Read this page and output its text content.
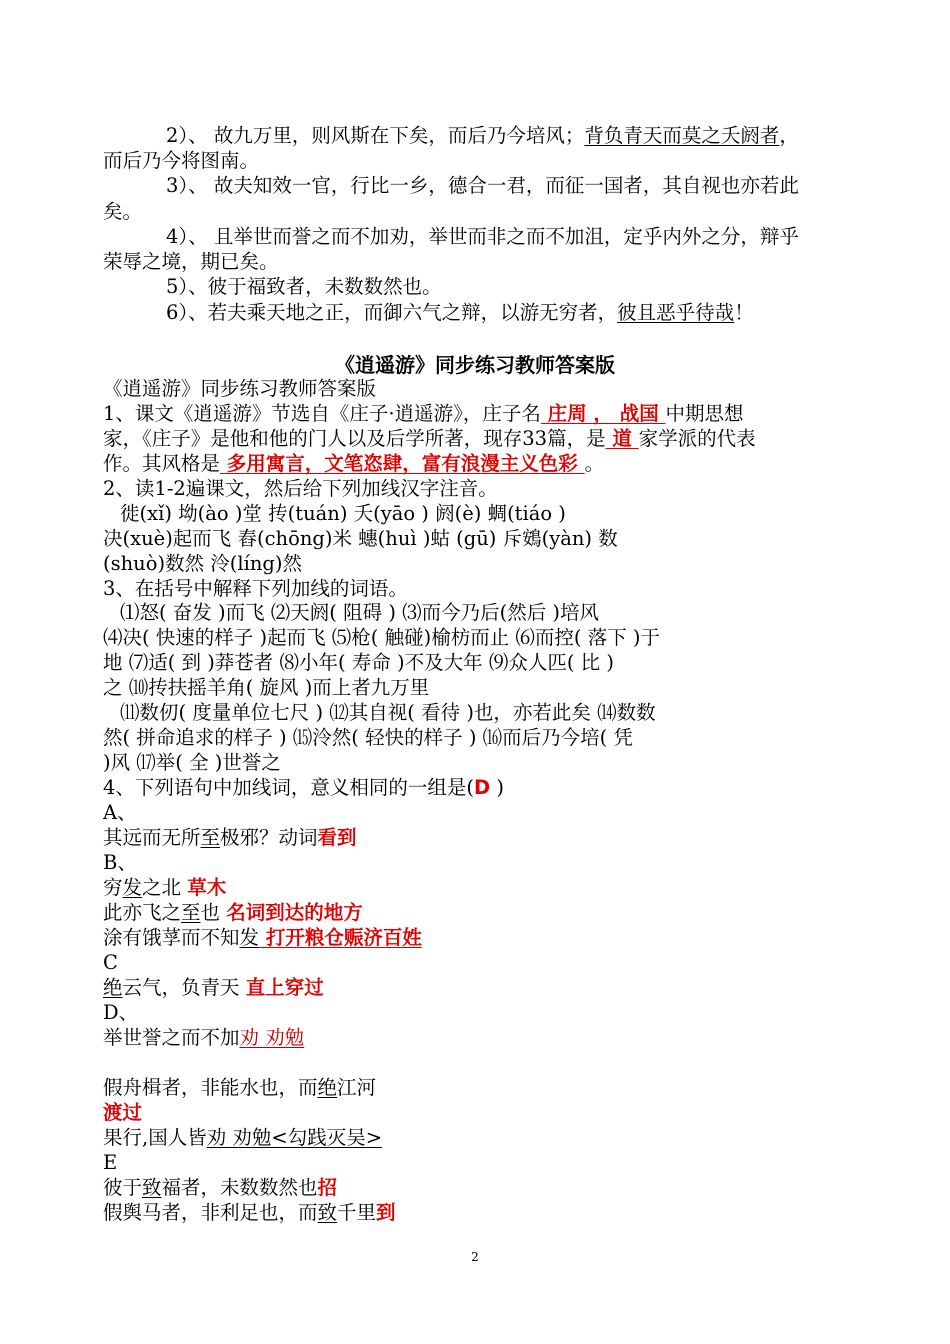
2）、 故九万里，则风斯在下矣，而后乃今培风；背负青天而莫之夭阏者，
而后乃今将图南。
3）、 故夫知效一官，行比一乡，德合一君，而征一国者，其自视也亦若此
矣。
4）、 且举世而誉之而不加劝，举世而非之而不加沮，定乎内外之分，辩乎
荣辱之境，期已矣。
5）、彼于福致者，未数数然也。
6）、若夫乘天地之正，而御六气之辩，以游无穷者，彼且恶乎待哉！
《逍遥游》同步练习教师答案版
《逍遥游》同步练习教师答案版
1、课文《逍遥游》节选自《庄子·逍遥游》，庄子名 庄周 ， 战国 中期思想
家，《庄子》是他和他的门人以及后学所著，现存33篇，是 道 家学派的代表
作。其风格是 多用寓言，文笔恣肆，富有浪漫主义色彩 。
2、读1-2遍课文，然后给下列加线汉字注音。
徙(xǐ) 坳(ào )堂 抟(tuán) 夭(yāo ) 阏(è) 蜩(tiáo )
决(xuè)起而飞 舂(chōng)米 蟪(huì )蛄 (gū) 斥鴳(yàn) 数
(shuò)数然 泠(líng)然
3、在括号中解释下列加线的词语。
⑴怒( 奋发 )而飞 ⑵天阏( 阻碍 ) ⑶而今乃后(然后 )培风
⑷决( 快速的样子 )起而飞 ⑸枪( 触碰)榆枋而止 ⑹而控( 落下 )于
地 ⑺适( 到 )莽苍者 ⑻小年( 寿命 )不及大年 ⑼众人匹( 比 )
之 ⑽抟扶摇羊角( 旋风 )而上者九万里
⑾数仞( 度量单位七尺 ) ⑿其自视( 看待 )也，亦若此矣 ⒁数数
然( 拼命追求的样子 ) ⒂泠然( 轻快的样子 ) ⒃而后乃今培( 凭
)风 ⒄举( 全 )世誉之
4、下列语句中加线词，意义相同的一组是(D )
A、
其远而无所至极邪？动词看到
B、
穷发之北 草木
此亦飞之至也 名词到达的地方
涂有饿莩而不知发 打开粮仓赈济百姓
C
绝云气，负青天 直上穿过
D、
举世誉之而不加劝 劝勉
假舟楫者，非能水也，而绝江河
渡过
果行,国人皆劝 劝勉<勾践灭吴>
E
彼于致福者，未数数然也招
假舆马者，非利足也，而致千里到
2
